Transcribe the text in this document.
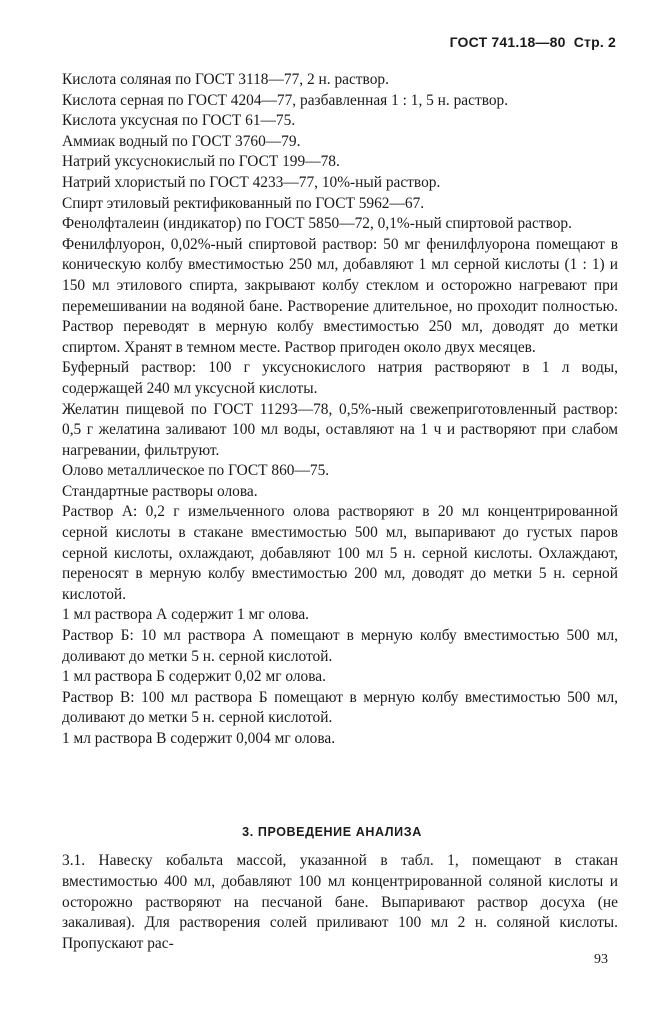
ГОСТ 741.18—80 Стр. 2

Кислота соляная по ГОСТ 3118—77, 2 н. раствор.

Кислота серная по ГОСТ 4204—77, разбавленная 1 : 1, 5 н. раствор.

Кислота уксусная по ГОСТ 61—75.

Аммиак водный по ГОСТ 3760—79.

Натрий уксуснокислый по ГОСТ 199—78.

Натрий хлористый по ГОСТ 4233—77, 10%-ный раствор.

Спирт этиловый ректификованный по ГОСТ 5962—67.

Фенолфталеин (индикатор) по ГОСТ 5850—72, 0,1%-ный спиртовой раствор.

Фенилфлуорон, 0,02%-ный спиртовой раствор: 50 мг фенилфлуорона помещают в коническую колбу вместимостью 250 мл, добавляют 1 мл серной кислоты (1 : 1) и 150 мл этилового спирта, закрывают колбу стеклом и осторожно нагревают при перемешивании на водяной бане. Растворение длительное, но проходит полностью. Раствор переводят в мерную колбу вместимостью 250 мл, доводят до метки спиртом. Хранят в темном месте. Раствор пригоден около двух месяцев.

Буферный раствор: 100 г уксуснокислого натрия растворяют в 1 л воды, содержащей 240 мл уксусной кислоты.

Желатин пищевой по ГОСТ 11293—78, 0,5%-ный свежеприготовленный раствор: 0,5 г желатина заливают 100 мл воды, оставляют на 1 ч и растворяют при слабом нагревании, фильтруют.

Олово металлическое по ГОСТ 860—75.

Стандартные растворы олова.

Раствор А: 0,2 г измельченного олова растворяют в 20 мл концентрированной серной кислоты в стакане вместимостью 500 мл, выпаривают до густых паров серной кислоты, охлаждают, добавляют 100 мл 5 н. серной кислоты. Охлаждают, переносят в мерную колбу вместимостью 200 мл, доводят до метки 5 н. серной кислотой.

1 мл раствора А содержит 1 мг олова.

Раствор Б: 10 мл раствора А помещают в мерную колбу вместимостью 500 мл, доливают до метки 5 н. серной кислотой.

1 мл раствора Б содержит 0,02 мг олова.

Раствор В: 100 мл раствора Б помещают в мерную колбу вместимостью 500 мл, доливают до метки 5 н. серной кислотой.

1 мл раствора В содержит 0,004 мг олова.

3. ПРОВЕДЕНИЕ АНАЛИЗА

3.1. Навеску кобальта массой, указанной в табл. 1, помещают в стакан вместимостью 400 мл, добавляют 100 мл концентрированной соляной кислоты и осторожно растворяют на песчаной бане. Выпаривают раствор досуха (не закаливая). Для растворения солей приливают 100 мл 2 н. соляной кислоты. Пропускают рас-

93
